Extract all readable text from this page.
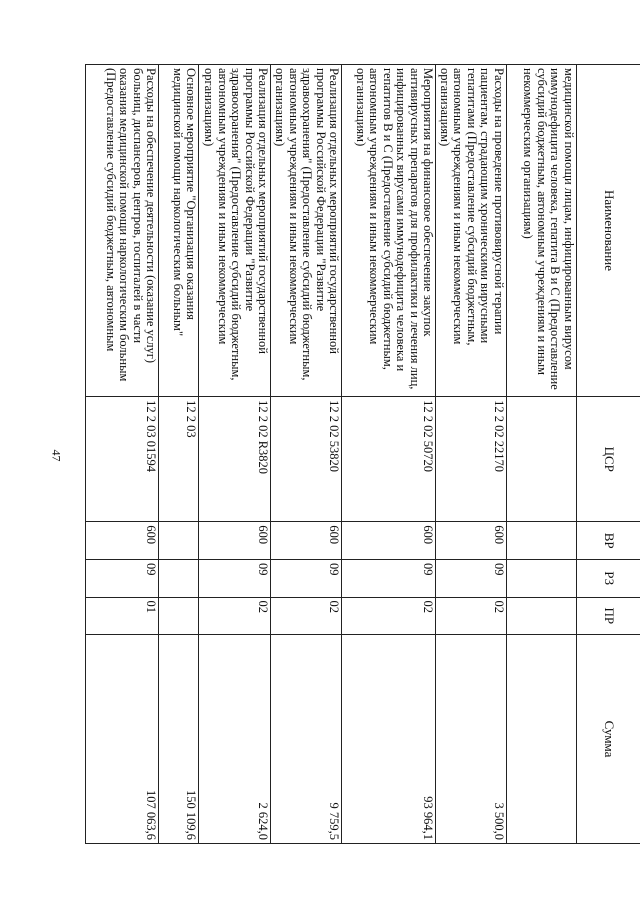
47
Наименование	ЦСР	ВР	РЗ	ПР	Сумма
медицинской помощи лицам, инфицированным вирусом иммунодефицита человека, гепатита В и С (Предоставление субсидий бюджетным, автономным учреждениям и иным некоммерческим организациям)					
Расходы на проведение противовирусной терапии пациентам, страдающим хроническими вирусными гепатитами (Предоставление субсидий бюджетным, автономным учреждениям и иным некоммерческим организациям)	12 2 02 22170	600	09	02	3 500,0
Мероприятия на финансовое обеспечение закупок антивирусных препаратов для профилактики и лечения лиц, инфицированных вирусами иммунодефицита человека и гепатитов В и С (Предоставление субсидий бюджетным, автономным учреждениям и иным некоммерческим организациям)	12 2 02 50720	600	09	02	93 964,1
Реализация отдельных мероприятий государственной программы Российской Федерации "Развитие здравоохранения" (Предоставление субсидий бюджетным, автономным учреждениям и иным некоммерческим организациям)	12 2 02 53820	600	09	02	9 759,5
Реализация отдельных мероприятий государственной программы Российской Федерации "Развитие здравоохранения" (Предоставление субсидий бюджетным, автономным учреждениям и иным некоммерческим организациям)	12 2 02 R3820	600	09	02	2 624,0
Основное мероприятие "Организация оказания медицинской помощи наркологическим больным"	12 2 03				150 109,6
Расходы на обеспечение деятельности (оказание услуг) больниц, диспансеров, центров, госпиталей в части оказания медицинской помощи наркологическим больным (Предоставление субсидий бюджетным, автономным	12 2 03 01594	600	09	01	107 063,6
